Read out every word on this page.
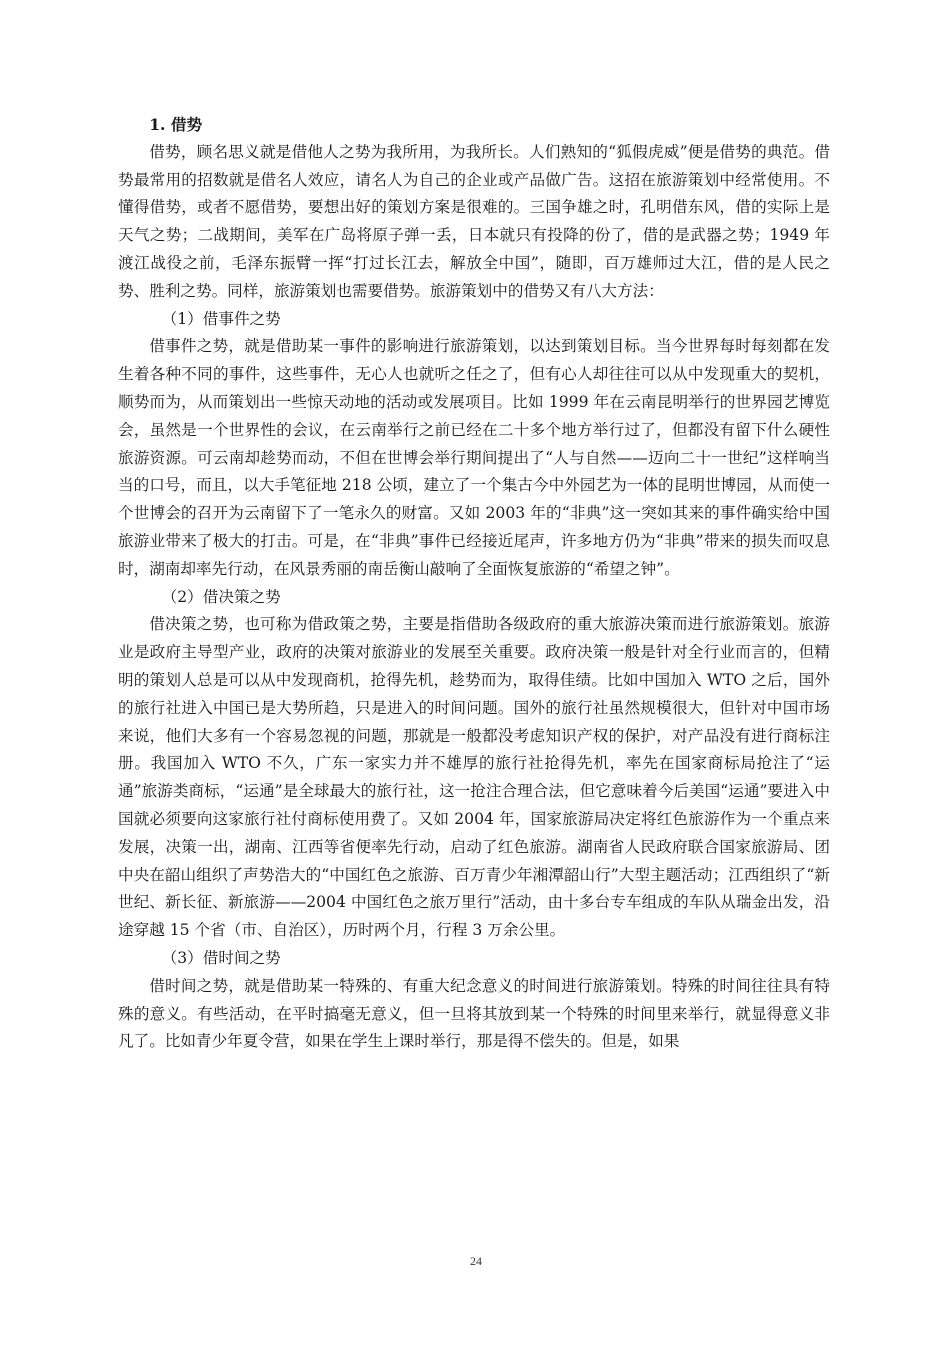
1. 借势

借势，顾名思义就是借他人之势为我所用，为我所长。人们熟知的“狐假虎威”便是借势的典范。借势最常用的招数就是借名人效应，请名人为自己的企业或产品做广告。这招在旅游策划中经常使用。不懂得借势，或者不愿借势，要想出好的策划方案是很难的。三国争雄之时，孔明借东风，借的实际上是天气之势；二战期间，美军在广岛将原子弹一丢，日本就只有投降的份了，借的是武器之势；1949 年渡江战役之前，毛泽东振臂一挥“打过长江去，解放全中国”，随即，百万雄师过大江，借的是人民之势、胜利之势。同样，旅游策划也需要借势。旅游策划中的借势又有八大方法：

（1）借事件之势

借事件之势，就是借助某一事件的影响进行旅游策划，以达到策划目标。当今世界每时每刻都在发生着各种不同的事件，这些事件，无心人也就听之任之了，但有心人却往往可以从中发现重大的契机，顺势而为，从而策划出一些惊天动地的活动或发展项目。比如 1999 年在云南昆明举行的世界园艺博览会，虽然是一个世界性的会议，在云南举行之前已经在二十多个地方举行过了，但都没有留下什么硬性旅游资源。可云南却趁势而动，不但在世博会举行期间提出了“人与自然——迈向二十一世纪”这样响当当的口号，而且，以大手笔征地 218 公顷，建立了一个集古今中外园艺为一体的昆明世博园，从而使一个世博会的召开为云南留下了一笔永久的财富。又如 2003 年的“非典”这一突如其来的事件确实给中国旅游业带来了极大的打击。可是，在“非典”事件已经接近尾声，许多地方仍为“非典”带来的损失而叹息时，湖南却率先行动，在风景秀丽的南岳衡山敲响了全面恢复旅游的“希望之钟”。

（2）借决策之势

借决策之势，也可称为借政策之势，主要是指借助各级政府的重大旅游决策而进行旅游策划。旅游业是政府主导型产业，政府的决策对旅游业的发展至关重要。政府决策一般是针对全行业而言的，但精明的策划人总是可以从中发现商机，抢得先机，趁势而为，取得佳绩。比如中国加入 WTO 之后，国外的旅行社进入中国已是大势所趋，只是进入的时间问题。国外的旅行社虽然规模很大，但针对中国市场来说，他们大多有一个容易忽视的问题，那就是一般都没考虑知识产权的保护，对产品没有进行商标注册。我国加入 WTO 不久，广东一家实力并不雄厚的旅行社抢得先机，率先在国家商标局抢注了“运通”旅游类商标，“运通”是全球最大的旅行社，这一抢注合理合法，但它意味着今后美国“运通”要进入中国就必须要向这家旅行社付商标使用费了。又如 2004 年，国家旅游局决定将红色旅游作为一个重点来发展，决策一出，湖南、江西等省便率先行动，启动了红色旅游。湖南省人民政府联合国家旅游局、团中央在韶山组织了声势浩大的“中国红色之旅游、百万青少年湘潭韶山行”大型主题活动；江西组织了“新世纪、新长征、新旅游——2004 中国红色之旅万里行”活动，由十多台专车组成的车队从瑞金出发，沿途穿越 15 个省（市、自治区），历时两个月，行程 3 万余公里。

（3）借时间之势

借时间之势，就是借助某一特殊的、有重大纪念意义的时间进行旅游策划。特殊的时间往往具有特殊的意义。有些活动，在平时搞毫无意义，但一旦将其放到某一个特殊的时间里来举行，就显得意义非凡了。比如青少年夏令营，如果在学生上课时举行，那是得不偿失的。但是，如果

24
